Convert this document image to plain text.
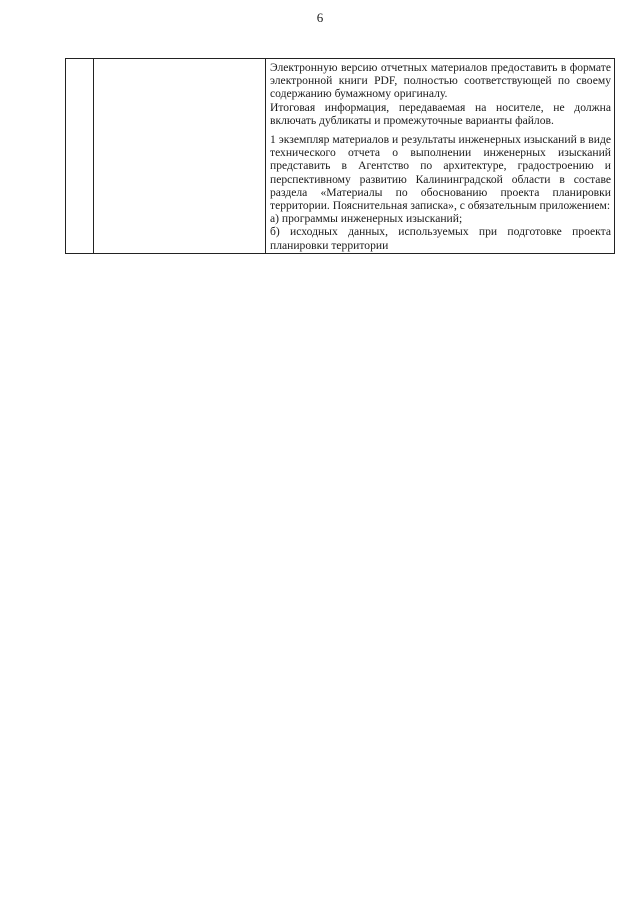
6

Электронную версию отчетных материалов предоставить в формате электронной книги PDF, полностью соответствующей по своему содержанию бумажному оригиналу.

Итоговая информация, передаваемая на носителе, не должна включать дубликаты и промежуточные варианты файлов.

1 экземпляр материалов и результаты инженерных изысканий в виде технического отчета о выполнении инженерных изысканий представить в Агентство по архитектуре, градостроению и перспективному развитию Калининградской области в составе раздела «Материалы по обоснованию проекта планировки территории. Пояснительная записка», с обязательным приложением:

а) программы инженерных изысканий;

б) исходных данных, используемых при подготовке проекта планировки территории
